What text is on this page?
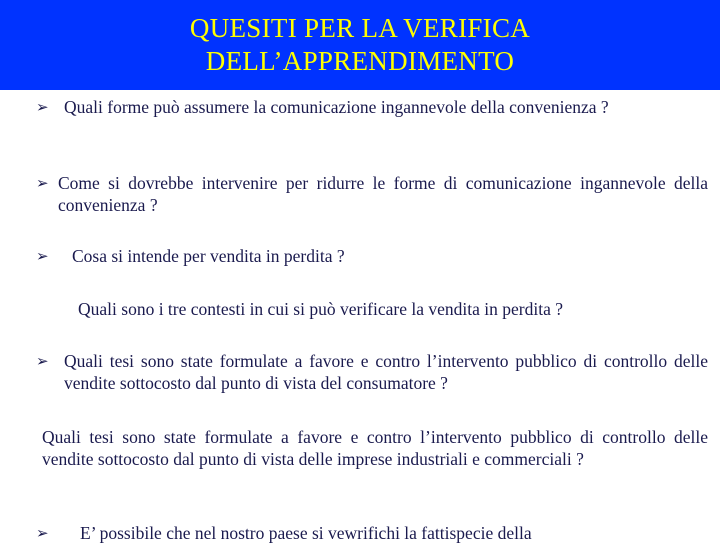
QUESITI PER LA VERIFICA
DELL’APPRENDIMENTO
➢ Quali forme può assumere la comunicazione ingannevole della convenienza ?
➢ Come si dovrebbe intervenire per ridurre le forme di comunicazione ingannevole della convenienza ?
➢	Cosa si intende per vendita in perdita ?
Quali sono i tre contesti in cui si può verificare la vendita in perdita ?
➢ Quali tesi sono state formulate a favore e contro l’intervento pubblico di controllo delle vendite sottocosto dal punto di vista del consumatore ?
Quali tesi sono state formulate a favore e contro l’intervento pubblico di controllo delle vendite sottocosto dal punto di vista delle imprese industriali e commerciali ?
➢	E’ possibile che nel nostro paese si vewrifichi la fattispecie della
